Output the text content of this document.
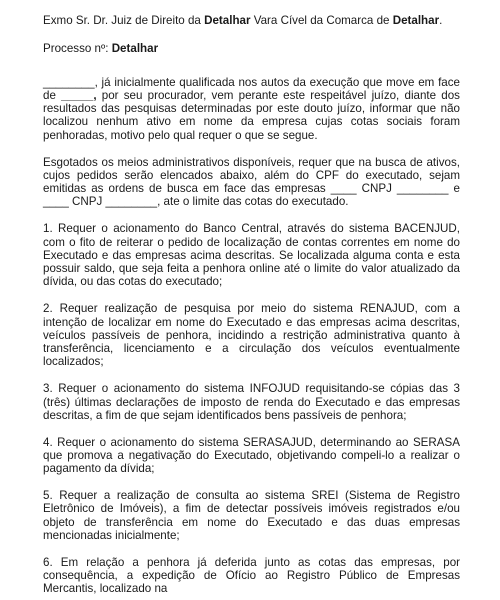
Exmo Sr. Dr. Juiz de Direito da Detalhar Vara Cível da Comarca de Detalhar.

Processo nº: Detalhar

________, já inicialmente qualificada nos autos da execução que move em face de _____, por seu procurador, vem perante este respeitável juízo, diante dos resultados das pesquisas determinadas por este douto juízo, informar que não localizou nenhum ativo em nome da empresa cujas cotas sociais foram penhoradas, motivo pelo qual requer o que se segue.

Esgotados os meios administrativos disponíveis, requer que na busca de ativos, cujos pedidos serão elencados abaixo, além do CPF do executado, sejam emitidas as ordens de busca em face das empresas ____ CNPJ ________ e ____ CNPJ ________, ate o limite das cotas do executado.

1. Requer o acionamento do Banco Central, através do sistema BACENJUD, com o fito de reiterar o pedido de localização de contas correntes em nome do Executado e das empresas acima descritas. Se localizada alguma conta e esta possuir saldo, que seja feita a penhora online até o limite do valor atualizado da dívida, ou das cotas do executado;

2. Requer realização de pesquisa por meio do sistema RENAJUD, com a intenção de localizar em nome do Executado e das empresas acima descritas, veículos passíveis de penhora, incidindo a restrição administrativa quanto à transferência, licenciamento e a circulação dos veículos eventualmente localizados;

3. Requer o acionamento do sistema INFOJUD requisitando-se cópias das 3 (três) últimas declarações de imposto de renda do Executado e das empresas descritas, a fim de que sejam identificados bens passíveis de penhora;

4. Requer o acionamento do sistema SERASAJUD, determinando ao SERASA que promova a negativação do Executado, objetivando compeli-lo a realizar o pagamento da dívida;

5. Requer a realização de consulta ao sistema SREI (Sistema de Registro Eletrônico de Imóveis), a fim de detectar possíveis imóveis registrados e/ou objeto de transferência em nome do Executado e das duas empresas mencionadas inicialmente;

6. Em relação a penhora já deferida junto as cotas das empresas, por consequência, a expedição de Ofício ao Registro Público de Empresas Mercantis, localizado na
